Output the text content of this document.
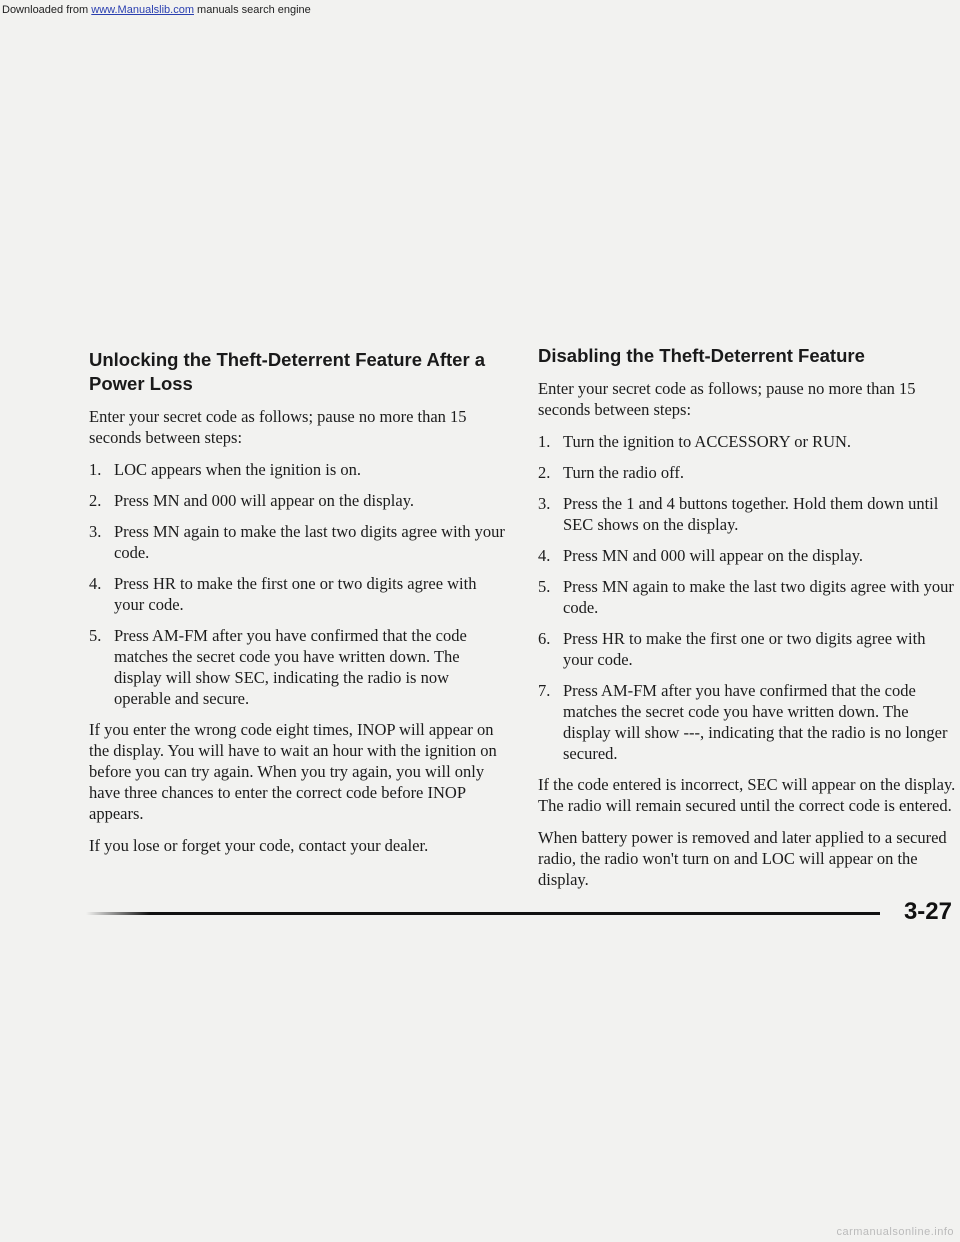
Downloaded from www.Manualslib.com manuals search engine
Unlocking the Theft-Deterrent Feature After a Power Loss

Enter your secret code as follows; pause no more than 15 seconds between steps:

1. LOC appears when the ignition is on.
2. Press MN and 000 will appear on the display.
3. Press MN again to make the last two digits agree with your code.
4. Press HR to make the first one or two digits agree with your code.
5. Press AM-FM after you have confirmed that the code matches the secret code you have written down. The display will show SEC, indicating the radio is now operable and secure.

If you enter the wrong code eight times, INOP will appear on the display. You will have to wait an hour with the ignition on before you can try again. When you try again, you will only have three chances to enter the correct code before INOP appears.

If you lose or forget your code, contact your dealer.

Disabling the Theft-Deterrent Feature

Enter your secret code as follows; pause no more than 15 seconds between steps:

1. Turn the ignition to ACCESSORY or RUN.
2. Turn the radio off.
3. Press the 1 and 4 buttons together. Hold them down until SEC shows on the display.
4. Press MN and 000 will appear on the display.
5. Press MN again to make the last two digits agree with your code.
6. Press HR to make the first one or two digits agree with your code.
7. Press AM-FM after you have confirmed that the code matches the secret code you have written down. The display will show ---, indicating that the radio is no longer secured.

If the code entered is incorrect, SEC will appear on the display. The radio will remain secured until the correct code is entered.

When battery power is removed and later applied to a secured radio, the radio won't turn on and LOC will appear on the display.

3-27
carmanualsonline.info
